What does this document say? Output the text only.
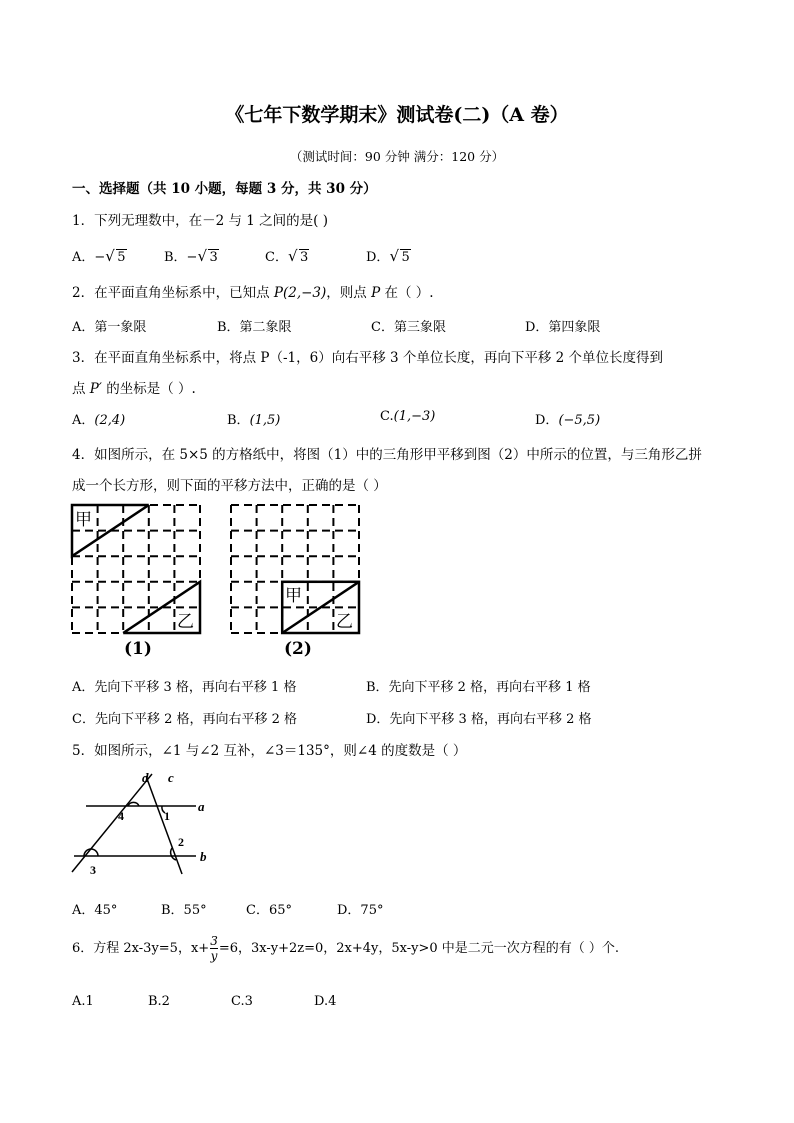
《七年下数学期末》测试卷(二)（A 卷）
（测试时间：90 分钟 满分：120 分）
一、选择题（共 10 小题，每题 3 分，共 30 分）
1．下列无理数中，在－2 与 1 之间的是( )
A．− √ 5	B．− √ 3	C． √ 3	D． √ 5
2．在平面直角坐标系中，已知点 P(2,−3)，则点 P 在（ ）.
A．第一象限	B．第二象限	C．第三象限	D．第四象限
3．在平面直角坐标系中，将点 P（-1，6）向右平移 3 个单位长度，再向下平移 2 个单位长度得到
点 P′ 的坐标是（ ）.
A．(2,4)	B．(1,5)	C.(1,−3)	D．(−5,5)
4．如图所示，在 5×5 的方格纸中，将图（1）中的三角形甲平移到图（2）中所示的位置，与三角形乙拼
成一个长方形，则下面的平移方法中，正确的是（ ）
甲
乙
(1)
甲
乙
(2)
A．先向下平移 3 格，再向右平移 1 格	B．先向下平移 2 格，再向右平移 1 格
C．先向下平移 2 格，再向右平移 2 格	D．先向下平移 3 格，再向右平移 2 格
5．如图所示，∠1 与∠2 互补，∠3＝135°，则∠4 的度数是（ ）
d c
a
b
1
2
3
4
A．45°	B．55°	C．65°	D．75°
6．方程 2x-3y=5，$x+ \frac{3}{y} =6$，3x-y+2z=0，2x+4y，5x-y>0 中是二元一次方程的有（ ）个.
A.1	B.2	C.3	D.4
